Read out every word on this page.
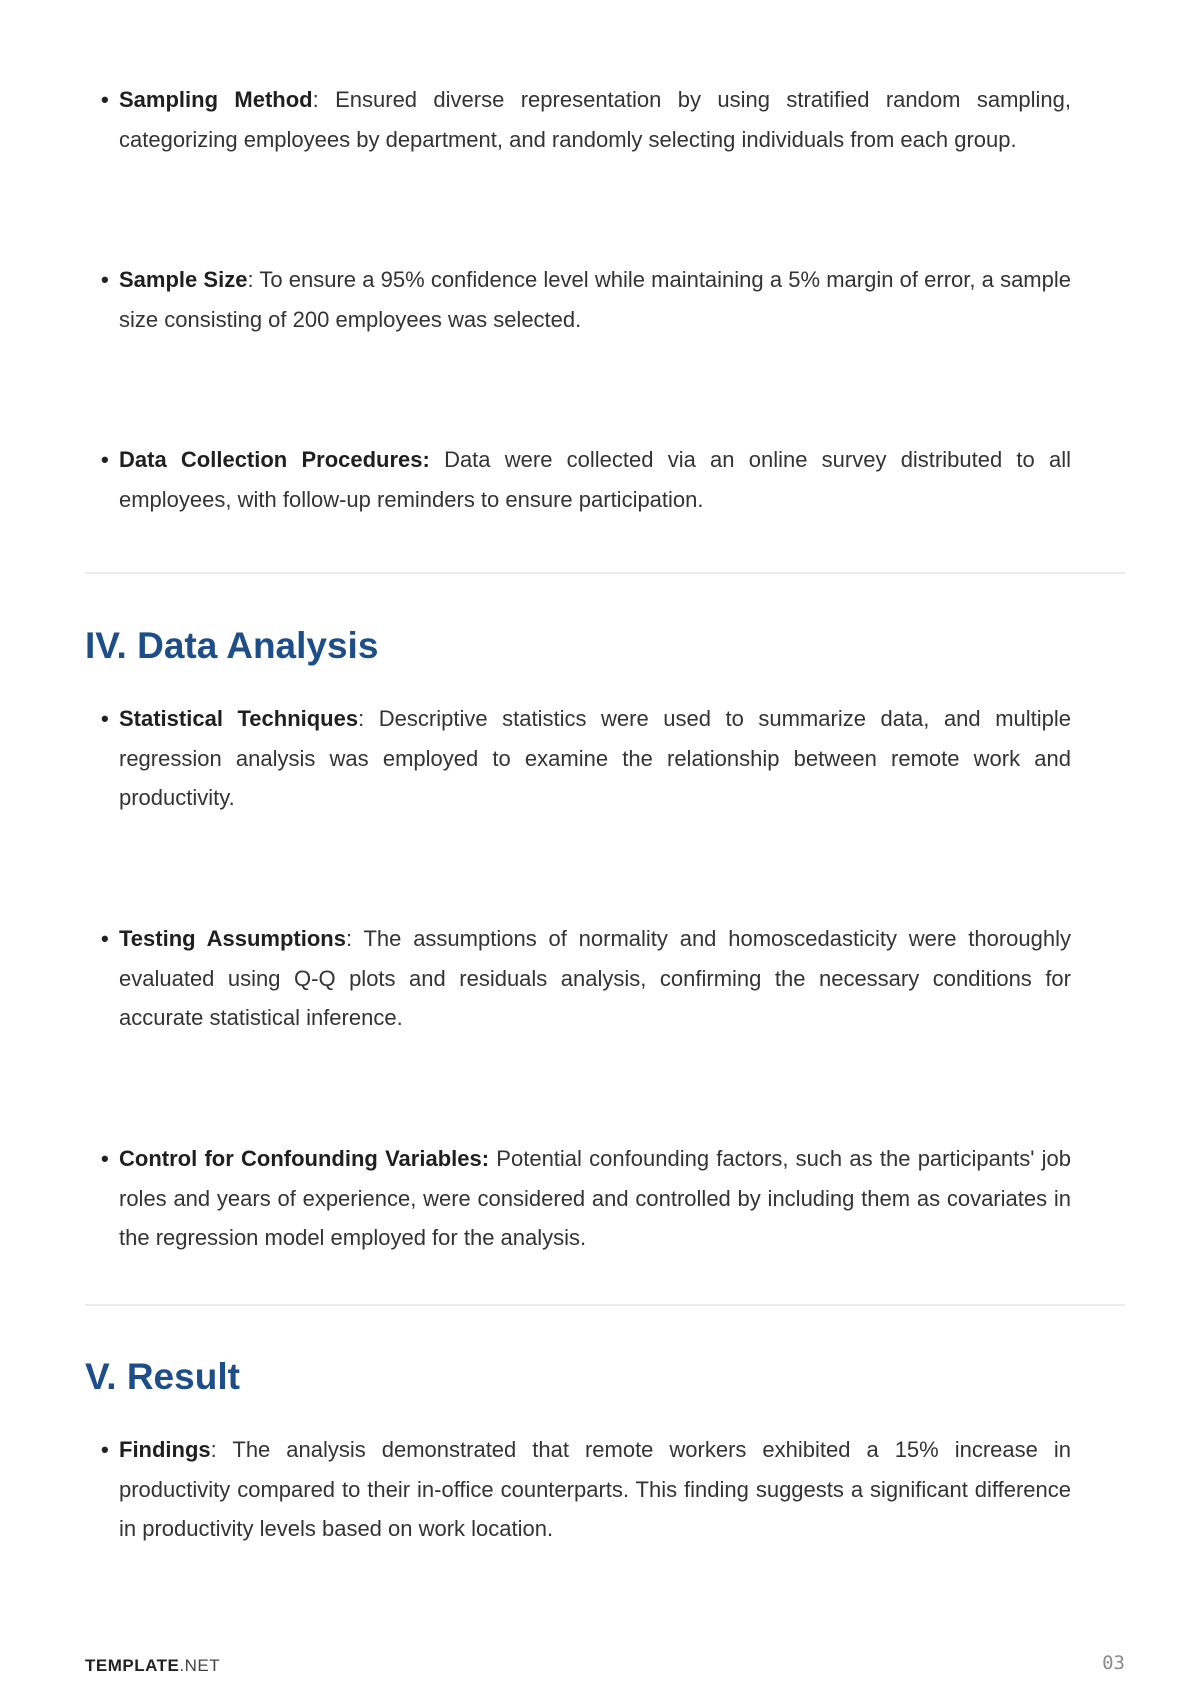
• Sampling Method: Ensured diverse representation by using stratified random sampling, categorizing employees by department, and randomly selecting individuals from each group.
• Sample Size: To ensure a 95% confidence level while maintaining a 5% margin of error, a sample size consisting of 200 employees was selected.
• Data Collection Procedures: Data were collected via an online survey distributed to all employees, with follow-up reminders to ensure participation.
IV. Data Analysis
• Statistical Techniques: Descriptive statistics were used to summarize data, and multiple regression analysis was employed to examine the relationship between remote work and productivity.
• Testing Assumptions: The assumptions of normality and homoscedasticity were thoroughly evaluated using Q-Q plots and residuals analysis, confirming the necessary conditions for accurate statistical inference.
• Control for Confounding Variables: Potential confounding factors, such as the participants' job roles and years of experience, were considered and controlled by including them as covariates in the regression model employed for the analysis.
V. Result
• Findings: The analysis demonstrated that remote workers exhibited a 15% increase in productivity compared to their in-office counterparts. This finding suggests a significant difference in productivity levels based on work location.
TEMPLATE.NET	03
